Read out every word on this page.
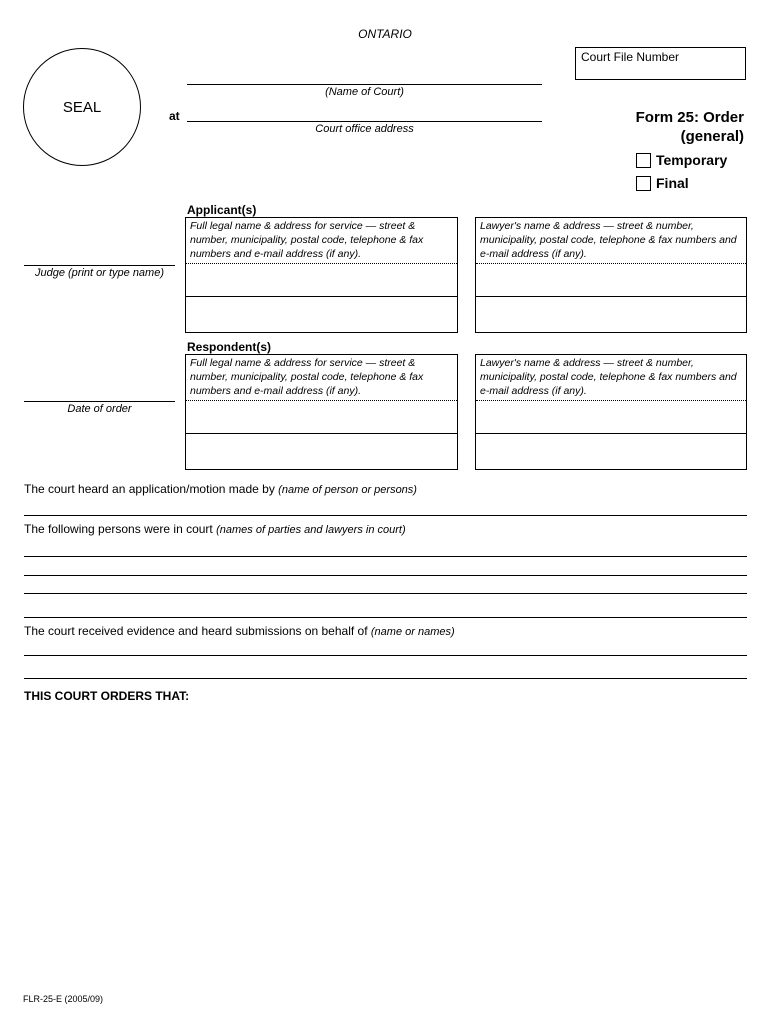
ONTARIO
SEAL
Court File Number
(Name of Court)
at
Court office address
Form 25: Order
(general)
Temporary
Final
Judge (print or type name)
Date of order
Applicant(s)
Full legal name & address for service — street & number, municipality, postal code, telephone & fax numbers and e-mail address (if any).
Lawyer's name & address — street & number, municipality, postal code, telephone & fax numbers and e-mail address (if any).
Respondent(s)
Full legal name & address for service — street & number, municipality, postal code, telephone & fax numbers and e-mail address (if any).
Lawyer's name & address — street & number, municipality, postal code, telephone & fax numbers and e-mail address (if any).
The court heard an application/motion made by (name of person or persons)
The following persons were in court (names of parties and lawyers in court)
The court received evidence and heard submissions on behalf of (name or names)
THIS COURT ORDERS THAT:
FLR-25-E (2005/09)
